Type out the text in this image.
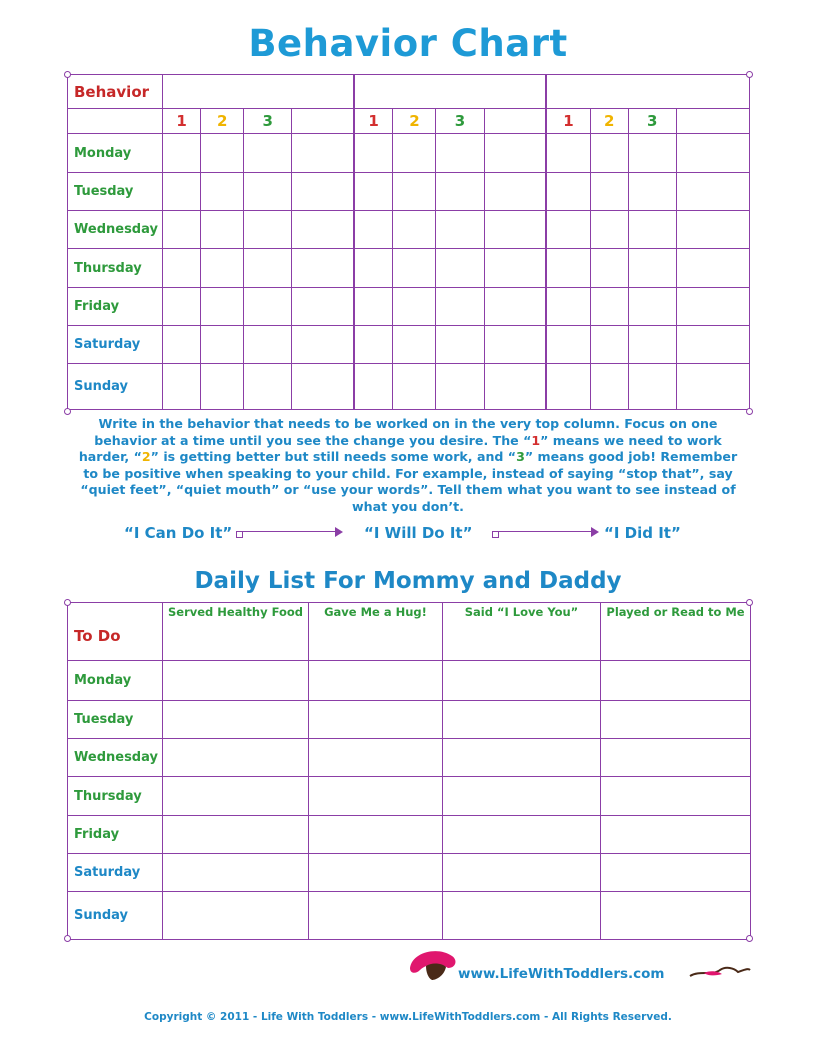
Behavior Chart
Behavior												
	1	2	3		1	2	3		1	2	3	
Monday												
Tuesday												
Wednesday												
Thursday												
Friday												
Saturday												
Sunday												
Write in the behavior that needs to be worked on in the very top column. Focus on one behavior at a time until you see the change you desire. The “1” means we need to work harder, “2” is getting better but still needs some work, and “3” means good job! Remember to be positive when speaking to your child. For example, instead of saying “stop that”, say “quiet feet”, “quiet mouth” or “use your words”. Tell them what you want to see instead of what you don’t.
“I Can Do It”	“I Will Do It”	“I Did It”
Daily List For Mommy and Daddy
To Do	Served Healthy Food	Gave Me a Hug!	Said “I Love You”	Played or Read to Me
Monday				
Tuesday				
Wednesday				
Thursday				
Friday				
Saturday				
Sunday				
www.LifeWithToddlers.com
Copyright © 2011 - Life With Toddlers - www.LifeWithToddlers.com - All Rights Reserved.
